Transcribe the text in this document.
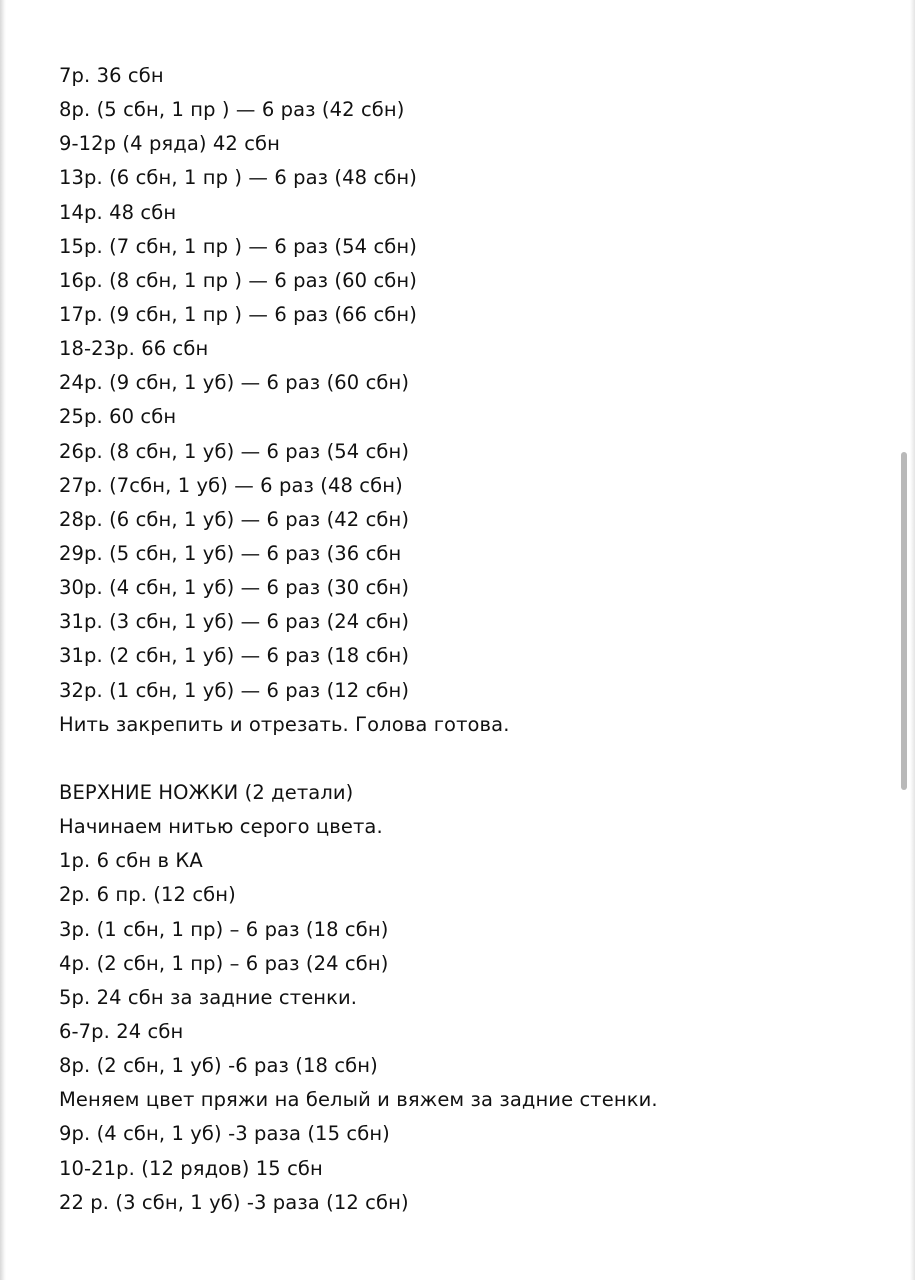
7р. 36 сбн
8р. (5 сбн, 1 пр ) — 6 раз (42 сбн)
9-12р (4 ряда) 42 сбн
13р. (6 сбн, 1 пр ) — 6 раз (48 сбн)
14р. 48 сбн
15р. (7 сбн, 1 пр ) — 6 раз (54 сбн)
16р. (8 сбн, 1 пр ) — 6 раз (60 сбн)
17р. (9 сбн, 1 пр ) — 6 раз (66 сбн)
18-23р. 66 сбн
24р. (9 сбн, 1 уб) — 6 раз (60 сбн)
25р. 60 сбн
26р. (8 сбн, 1 уб) — 6 раз (54 сбн)
27р. (7сбн, 1 уб) — 6 раз (48 сбн)
28р. (6 сбн, 1 уб) — 6 раз (42 сбн)
29р. (5 сбн, 1 уб) — 6 раз (36 сбн
30р. (4 сбн, 1 уб) — 6 раз (30 сбн)
31р. (3 сбн, 1 уб) — 6 раз (24 сбн)
31р. (2 сбн, 1 уб) — 6 раз (18 сбн)
32р. (1 сбн, 1 уб) — 6 раз (12 сбн)
Нить закрепить и отрезать. Голова готова.
ВЕРХНИЕ НОЖКИ (2 детали)
Начинаем нитью серого цвета.
1р. 6 сбн в КА
2р. 6 пр. (12 сбн)
3р. (1 сбн, 1 пр) – 6 раз (18 сбн)
4р. (2 сбн, 1 пр) – 6 раз (24 сбн)
5р. 24 сбн за задние стенки.
6-7р. 24 сбн
8р. (2 сбн, 1 уб) -6 раз (18 сбн)
Меняем цвет пряжи на белый и вяжем за задние стенки.
9р. (4 сбн, 1 уб) -3 раза (15 сбн)
10-21р. (12 рядов) 15 сбн
22 р. (3 сбн, 1 уб) -3 раза (12 сбн)
